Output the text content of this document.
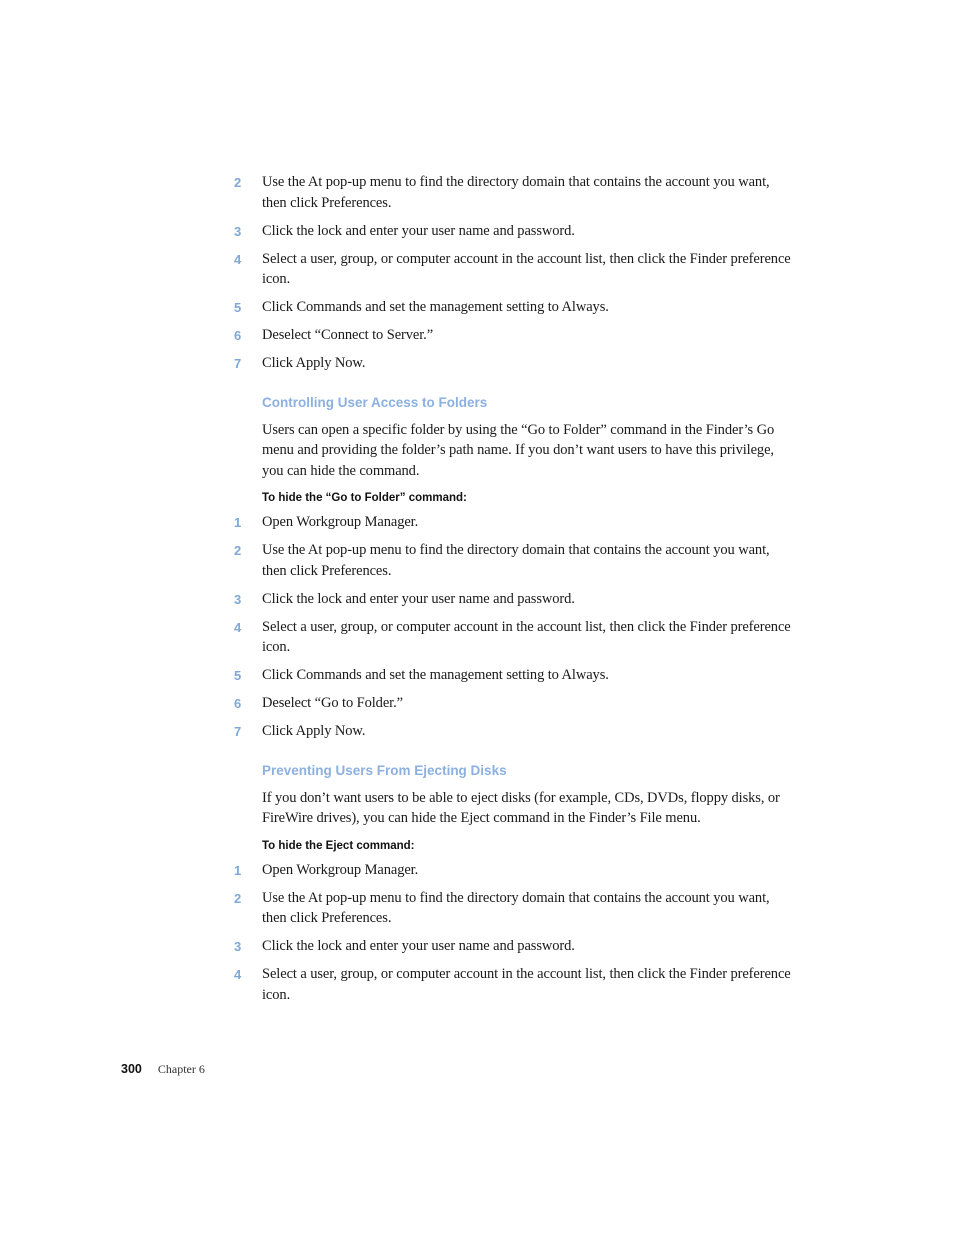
2	Use the At pop-up menu to find the directory domain that contains the account you want, then click Preferences.
3	Click the lock and enter your user name and password.
4	Select a user, group, or computer account in the account list, then click the Finder preference icon.
5	Click Commands and set the management setting to Always.
6	Deselect “Connect to Server.”
7	Click Apply Now.
Controlling User Access to Folders
Users can open a specific folder by using the “Go to Folder” command in the Finder’s Go menu and providing the folder’s path name. If you don’t want users to have this privilege, you can hide the command.
To hide the “Go to Folder” command:
1	Open Workgroup Manager.
2	Use the At pop-up menu to find the directory domain that contains the account you want, then click Preferences.
3	Click the lock and enter your user name and password.
4	Select a user, group, or computer account in the account list, then click the Finder preference icon.
5	Click Commands and set the management setting to Always.
6	Deselect “Go to Folder.”
7	Click Apply Now.
Preventing Users From Ejecting Disks
If you don’t want users to be able to eject disks (for example, CDs, DVDs, floppy disks, or FireWire drives), you can hide the Eject command in the Finder’s File menu.
To hide the Eject command:
1	Open Workgroup Manager.
2	Use the At pop-up menu to find the directory domain that contains the account you want, then click Preferences.
3	Click the lock and enter your user name and password.
4	Select a user, group, or computer account in the account list, then click the Finder preference icon.
300 Chapter 6
